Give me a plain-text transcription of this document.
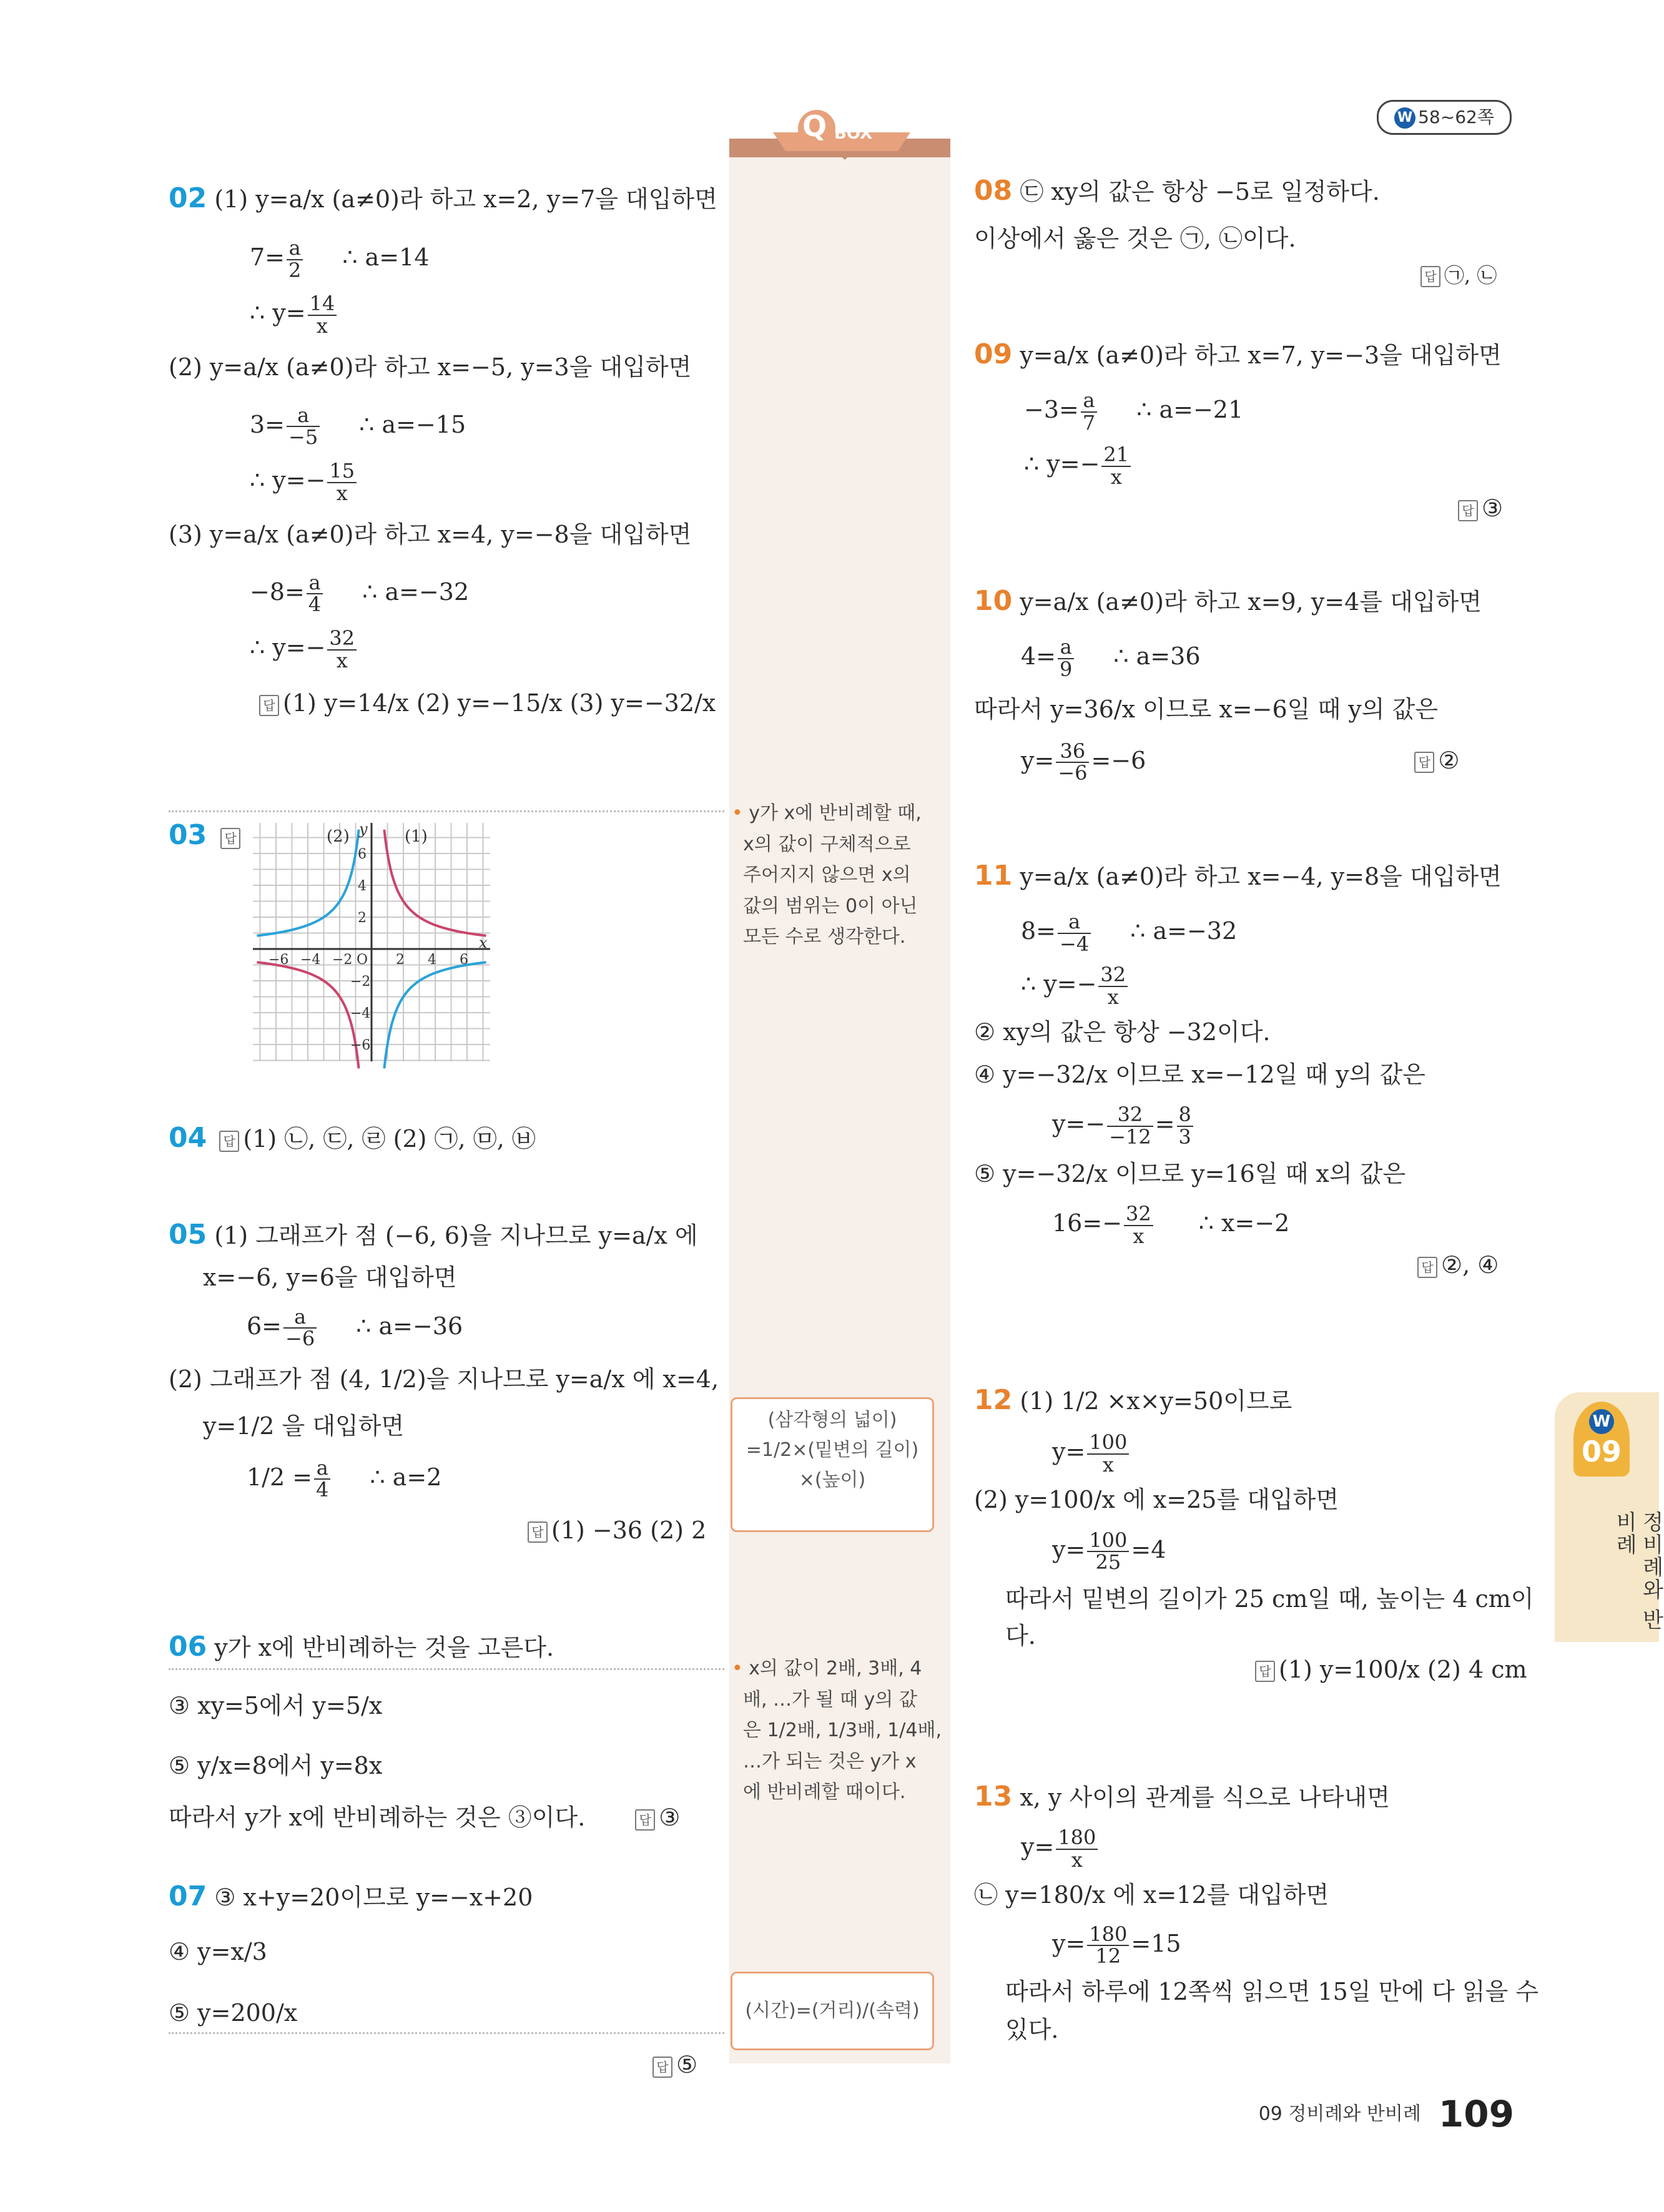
W 58~62쪽
Q BOX
02 (1) y=a/x (a≠0)라 하고 x=2, y=7을 대입하면
$7= \frac{a}{2}$ ∴ a=14
∴ $y= \frac{14}{x}$
(2) y=a/x (a≠0)라 하고 x=−5, y=3을 대입하면
$3= \frac{a}{-5}$ ∴ a=−15
∴ $y=- \frac{15}{x}$
(3) y=a/x (a≠0)라 하고 x=4, y=−8을 대입하면
$-8= \frac{a}{4}$ ∴ a=−32
∴ $y=- \frac{32}{x}$
답 (1) y=14/x (2) y=−15/x (3) y=−32/x
• y가 x에 반비례할 때,
x의 값이 구체적으로
주어지지 않으면 x의
값의 범위는 0이 아닌
모든 수로 생각한다.
03 답	(2)	(1)
x
y
−6 −4 −2 O 2 4 6
6
4
2
−2
−4
−6
04 답 (1) ㉡, ㉢, ㉣ (2) ㉠, ㉤, ㉥
05 (1) 그래프가 점 (−6, 6)을 지나므로 y=a/x 에
x=−6, y=6을 대입하면
$6= \frac{a}{-6}$ ∴ a=−36
(2) 그래프가 점 (4, 1/2)을 지나므로 y=a/x 에 x=4,
y=1/2 을 대입하면
$1/2 = \frac{a}{4}$ ∴ a=2
답 (1) −36 (2) 2
(삼각형의 넓이)
=1/2×(밑변의 길이)
×(높이)
06 y가 x에 반비례하는 것을 고른다.
③ xy=5에서 y=5/x
⑤ y/x=8에서 y=8x
따라서 y가 x에 반비례하는 것은 ③이다.	답 ③
• x의 값이 2배, 3배, 4
배, …가 될 때 y의 값
은 1/2배, 1/3배, 1/4배,
…가 되는 것은 y가 x
에 반비례할 때이다.
07 ③ x+y=20이므로 y=−x+20
④ y=x/3
⑤ y=200/x
답 ⑤
(시간)=(거리)/(속력)
08 ㉢ xy의 값은 항상 −5로 일정하다.
이상에서 옳은 것은 ㉠, ㉡이다.
답 ㉠, ㉡
09 y=a/x (a≠0)라 하고 x=7, y=−3을 대입하면
$-3= \frac{a}{7}$ ∴ a=−21
∴ $y=- \frac{21}{x}$
답 ③
10 y=a/x (a≠0)라 하고 x=9, y=4를 대입하면
$4= \frac{a}{9}$ ∴ a=36
따라서 y=36/x 이므로 x=−6일 때 y의 값은
$y= \frac{36}{-6} =-6$	답 ②
11 y=a/x (a≠0)라 하고 x=−4, y=8을 대입하면
$8= \frac{a}{-4}$ ∴ a=−32
∴ $y=- \frac{32}{x}$
② xy의 값은 항상 −32이다.
④ y=−32/x 이므로 x=−12일 때 y의 값은
$y=- \frac{32}{-12} = \frac{8}{3}$
⑤ y=−32/x 이므로 y=16일 때 x의 값은
$16=- \frac{32}{x}$ ∴ x=−2
답 ②, ④
12 (1) 1/2 ×x×y=50이므로
$y= \frac{100}{x}$
(2) y=100/x 에 x=25를 대입하면
$y= \frac{100}{25} =4$
따라서 밑변의 길이가 25 cm일 때, 높이는 4 cm이
다.
답 (1) y=100/x (2) 4 cm
13 x, y 사이의 관계를 식으로 나타내면
$y= \frac{180}{x}$
㉡ y=180/x 에 x=12를 대입하면
$y= \frac{180}{12} =15$
따라서 하루에 12쪽씩 읽으면 15일 만에 다 읽을 수
있다.
W
09
정비례와 반비례
09 정비례와 반비례 109
